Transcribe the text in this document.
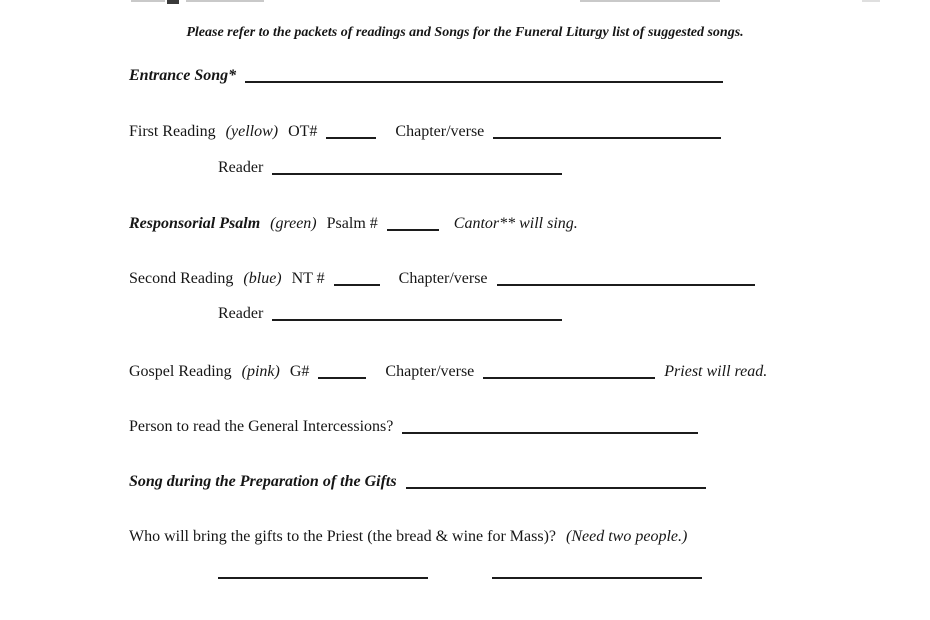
Please refer to the packets of readings and Songs for the Funeral Liturgy list of suggested songs.
Entrance Song*
First Reading (yellow) OT#	Chapter/verse
Reader
Responsorial Psalm (green) Psalm #	Cantor** will sing.
Second Reading (blue) NT #	Chapter/verse
Reader
Gospel Reading (pink) G#	Chapter/verse	Priest will read.
Person to read the General Intercessions?
Song during the Preparation of the Gifts
Who will bring the gifts to the Priest (the bread & wine for Mass)? (Need two people.)
